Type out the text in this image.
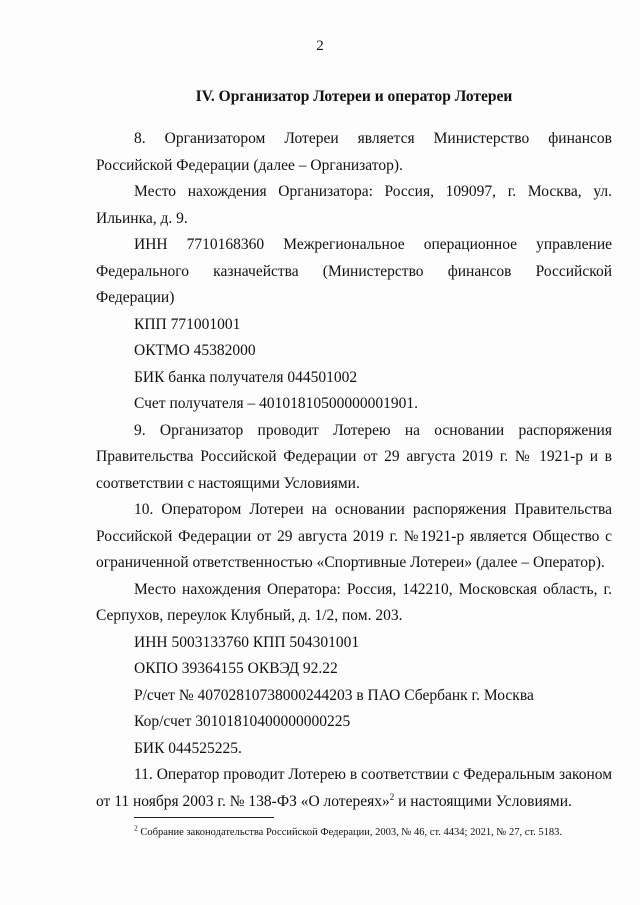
2
IV. Организатор Лотереи и оператор Лотереи

8. Организатором Лотереи является Министерство финансов Российской Федерации (далее – Организатор).

Место нахождения Организатора: Россия, 109097, г. Москва, ул. Ильинка, д. 9.

ИНН 7710168360 Межрегиональное операционное управление Федерального казначейства (Министерство финансов Российской Федерации)

КПП 771001001

ОКТМО 45382000

БИК банка получателя 044501002

Счет получателя – 40101810500000001901.

9. Организатор проводит Лотерею на основании распоряжения Правительства Российской Федерации от 29 августа 2019 г. № 1921-р и в соответствии с настоящими Условиями.

10. Оператором Лотереи на основании распоряжения Правительства Российской Федерации от 29 августа 2019 г. №1921-р является Общество с ограниченной ответственностью «Спортивные Лотереи» (далее – Оператор).

Место нахождения Оператора: Россия, 142210, Московская область, г. Серпухов, переулок Клубный, д. 1/2, пом. 203.

ИНН 5003133760 КПП 504301001

ОКПО 39364155 ОКВЭД 92.22

Р/счет № 40702810738000244203 в ПАО Сбербанк г. Москва

Кор/счет 30101810400000000225

БИК 044525225.

11. Оператор проводит Лотерею в соответствии с Федеральным законом от 11 ноября 2003 г. № 138-ФЗ «О лотереях»$^2$ и настоящими Условиями.

$^2$ Собрание законодательства Российской Федерации, 2003, № 46, ст. 4434; 2021, № 27, ст. 5183.
